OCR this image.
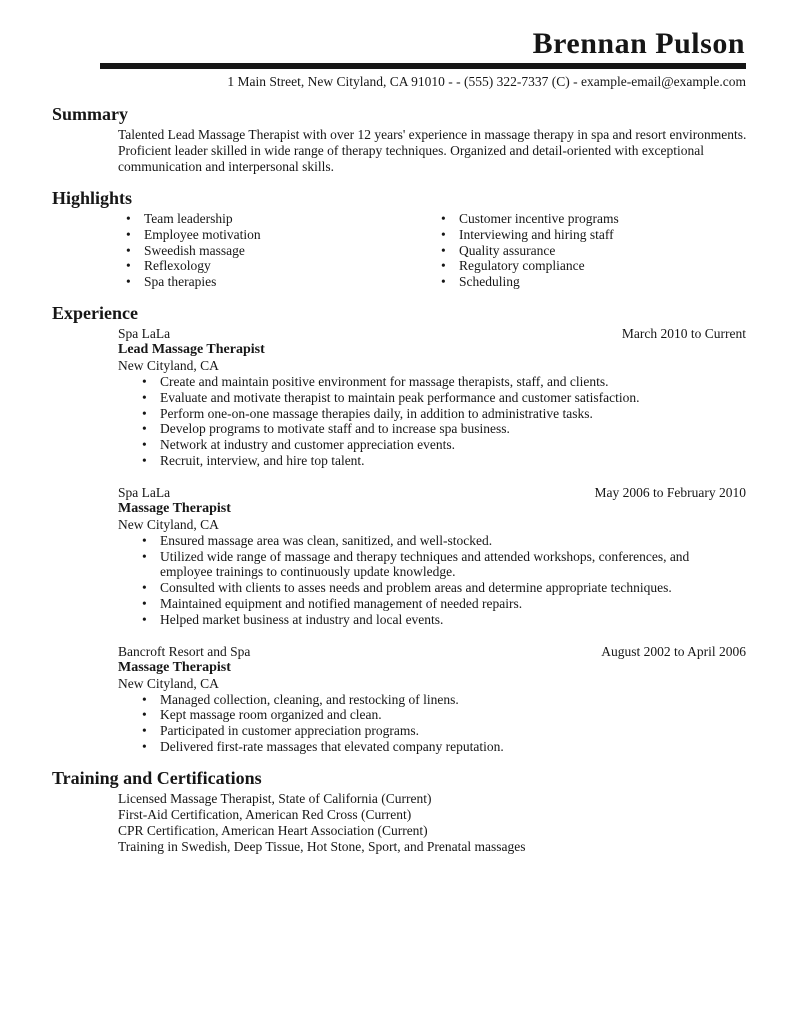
Brennan Pulson
1 Main Street, New Cityland, CA 91010 - - (555) 322-7337 (C) - example-email@example.com
Summary

Talented Lead Massage Therapist with over 12 years' experience in massage therapy in spa and resort environments. Proficient leader skilled in wide range of therapy techniques. Organized and detail-oriented with exceptional communication and interpersonal skills.

Highlights
• Team leadership
• Employee motivation
• Sweedish massage
• Reflexology
• Spa therapies
• Customer incentive programs
• Interviewing and hiring staff
• Quality assurance
• Regulatory compliance
• Scheduling
Experience
Spa LaLa	March 2010 to Current
Lead Massage Therapist
New Cityland, CA
• Create and maintain positive environment for massage therapists, staff, and clients.
• Evaluate and motivate therapist to maintain peak performance and customer satisfaction.
• Perform one-on-one massage therapies daily, in addition to administrative tasks.
• Develop programs to motivate staff and to increase spa business.
• Network at industry and customer appreciation events.
• Recruit, interview, and hire top talent.
Spa LaLa	May 2006 to February 2010
Massage Therapist
New Cityland, CA
• Ensured massage area was clean, sanitized, and well-stocked.
• Utilized wide range of massage and therapy techniques and attended workshops, conferences, and employee trainings to continuously update knowledge.
• Consulted with clients to asses needs and problem areas and determine appropriate techniques.
• Maintained equipment and notified management of needed repairs.
• Helped market business at industry and local events.
Bancroft Resort and Spa	August 2002 to April 2006
Massage Therapist
New Cityland, CA
• Managed collection, cleaning, and restocking of linens.
• Kept massage room organized and clean.
• Participated in customer appreciation programs.
• Delivered first-rate massages that elevated company reputation.
Training and Certifications
Licensed Massage Therapist, State of California (Current)
First-Aid Certification, American Red Cross (Current)
CPR Certification, American Heart Association (Current)
Training in Swedish, Deep Tissue, Hot Stone, Sport, and Prenatal massages
